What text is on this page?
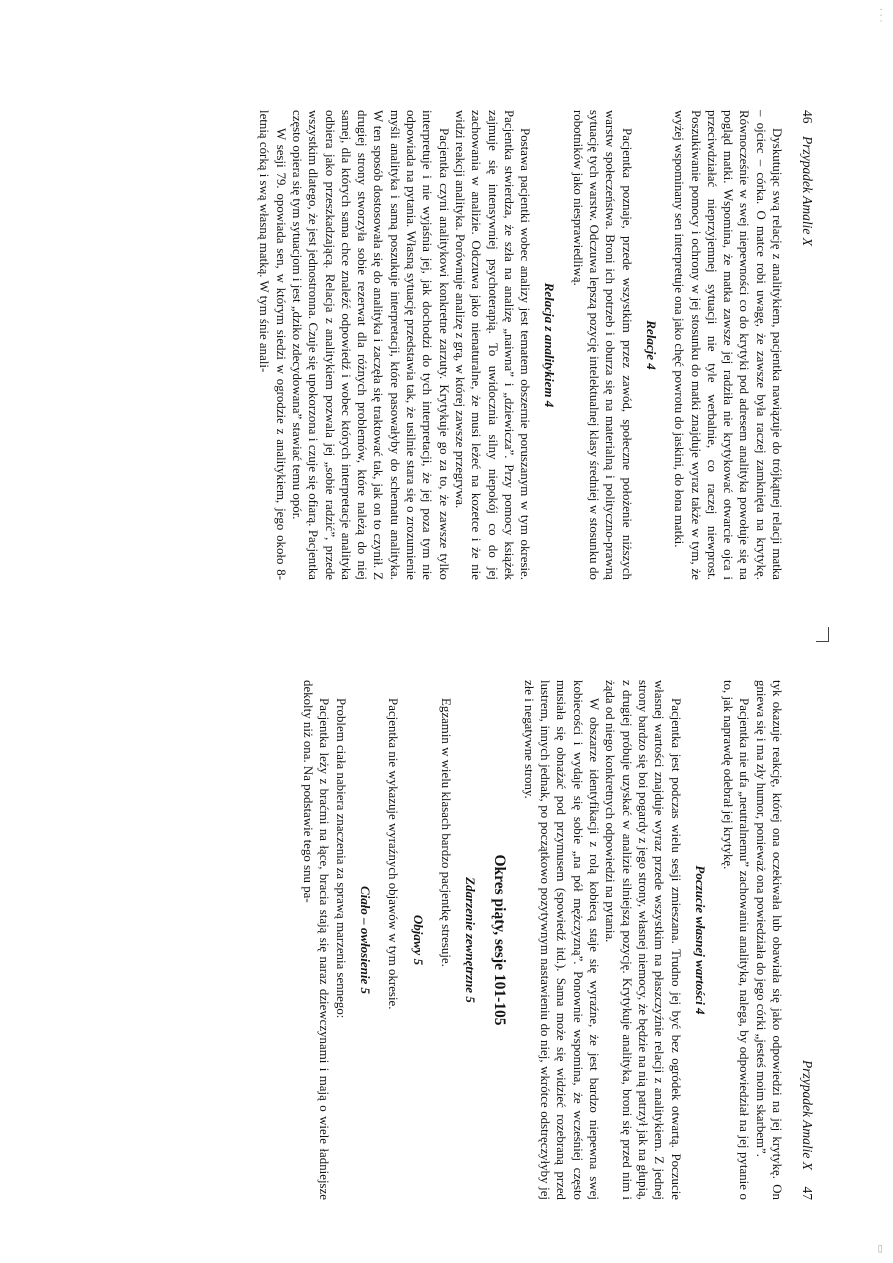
· · ·
▭
46
Przypadek Amalie X

Dyskutując swą relację z analitykiem, pacjentka nawiązuje do trójkątnej relacji matka – ojciec – córka. O matce robi uwagę, że zawsze była raczej zamknięta na krytykę. Równocześnie w swej niepewności co do krytyki pod adresem analityka powołuje się na pogląd matki. Wspomina, że matka zawsze jej radziła nie krytykować otwarcie ojca i przeciwdziałać nieprzyjemnej sytuacji nie tyle werbalnie, co raczej niewprost. Poszukiwanie pomocy i ochrony w jej stosunku do matki znajduje wyraz także w tym, że wyżej wspominany sen interpretuje ona jako chęć powrotu do jaskini, do łona matki.

Relacje 4

Pacjentka poznaje, przede wszystkim przez zawód, społeczne położenie niższych warstw społeczeństwa. Broni ich potrzeb i oburza się na materialną i polityczno-prawną sytuację tych warstw. Odczuwa lepszą pozycję intelektualnej klasy średniej w stosunku do robotników jako niesprawiedliwą.

Relacja z analitykiem 4

Postawa pacjentki wobec analizy jest tematem obszernie poruszanym w tym okresie. Pacjentka stwierdza, że szła na analizę „naiwna” i „dziewicza”. Przy pomocy książek zajmuje się intensywniej psychoterapią. To uwidocznia silny niepokój co do jej zachowania w analizie. Odczuwa jako nienaturalne, że musi leżeć na kozetce i że nie widzi reakcji analityka. Porównuje analizę z grą, w której zawsze przegrywa.

Pacjentka czyni analitykowi konkretne zarzuty. Krytykuje go za to, że zawsze tylko interpretuje i nie wyjaśnia jej, jak dochodzi do tych interpretacji, że jej poza tym nie odpowiada na pytania. Własną sytuację przedstawia tak, że usilnie stara się o zrozumienie myśli analityka i samą poszukuje interpretacji, które pasowałyby do schematu analityka. W ten sposób dostosowała się do analityka i zaczęła się traktować tak, jak on to czynił. Z drugiej strony stworzyła sobie rezerwat dla różnych problemów, które należą do niej samej, dla których sama chce znaleźć odpowiedź i wobec których interpretacje analityka odbiera jako przeszkadzającą. Relacja z analitykiem pozwala jej „sobie radzić”, przede wszystkim dlatego, że jest jednostronna. Czuje się upokorzona i czuje się ofiarą. Pacjentka często opiera się tym sytuacjom i jest „dziko zdecydowana” stawiać temu opór.

W sesji 79. opowiada sen, w którym siedzi w ogrodzie z analitykiem, jego około 8-letnią córką i swą własną matką. W tym śnie anali-

Przypadek Amalie X
47

tyk okazuje reakcję, której ona oczekiwała lub obawiała się jako odpowiedzi na jej krytykę. On gniewa się i ma zły humor, ponieważ ona powiedziała do jego córki „jesteś moim skarbem”.

Pacjentka nie ufa „neutralnemu” zachowaniu analityka, nalega, by odpowiedział na jej pytanie o to, jak naprawdę odebrał jej krytykę.

Poczucie własnej wartości 4

Pacjentka jest podczas wielu sesji zmieszana. Trudno jej być bez ogródek otwartą. Poczucie własnej wartości znajduje wyraz przede wszystkim na płaszczyźnie relacji z analitykiem. Z jednej strony bardzo się boi pogardy z jego strony, własnej niemocy, że będzie na nią patrzył jak na głupią, z drugiej próbuje uzyskać w analizie silniejszą pozycję. Krytykuje analityka, broni się przed nim i żąda od niego konkretnych odpowiedzi na pytania.

W obszarze identyfikacji z rolą kobiecą staje się wyraźne, że jest bardzo niepewna swej kobiecości i wydaje się sobie „na pół mężczyzną”. Ponownie wspomina, że wcześniej często musiała się obnażać pod przymusem (spowiedź itd.). Sama może się widzieć rozebraną przed lustrem, innych jednak, po początkowo pozytywnym nastawieniu do niej, wkrótce odstręczyłyby jej złe i negatywne strony.

Okres piąty, sesje 101-105
Zdarzenie zewnętrzne 5

Egzamin w wielu klasach bardzo pacjentkę stresuje.

Objawy 5

Pacjentka nie wykazuje wyraźnych objawów w tym okresie.

Ciało – owłosienie 5

Problem ciała nabiera znaczenia za sprawą marzenia sennego:

Pacjentka leży z braćmi na łące, bracia stają się naraz dziewczynami i mają o wiele ładniejsze dekolty niż ona. Na podstawie tego snu pa-
